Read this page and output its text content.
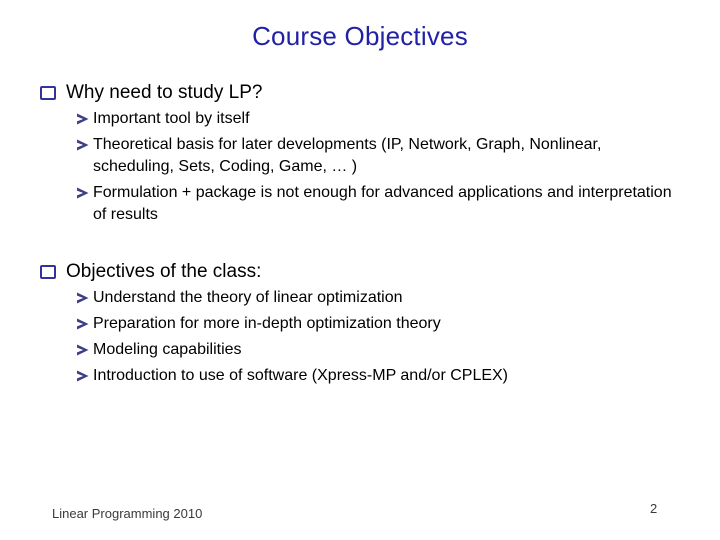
Course Objectives
Why need to study LP?
Important tool by itself
Theoretical basis for later developments (IP, Network, Graph, Nonlinear, scheduling, Sets, Coding, Game, … )
Formulation + package is not enough for advanced applications and interpretation of results
Objectives of the class:
Understand the theory of linear optimization
Preparation for more in-depth optimization theory
Modeling capabilities
Introduction to use of software (Xpress-MP and/or CPLEX)
Linear Programming 2010	2
